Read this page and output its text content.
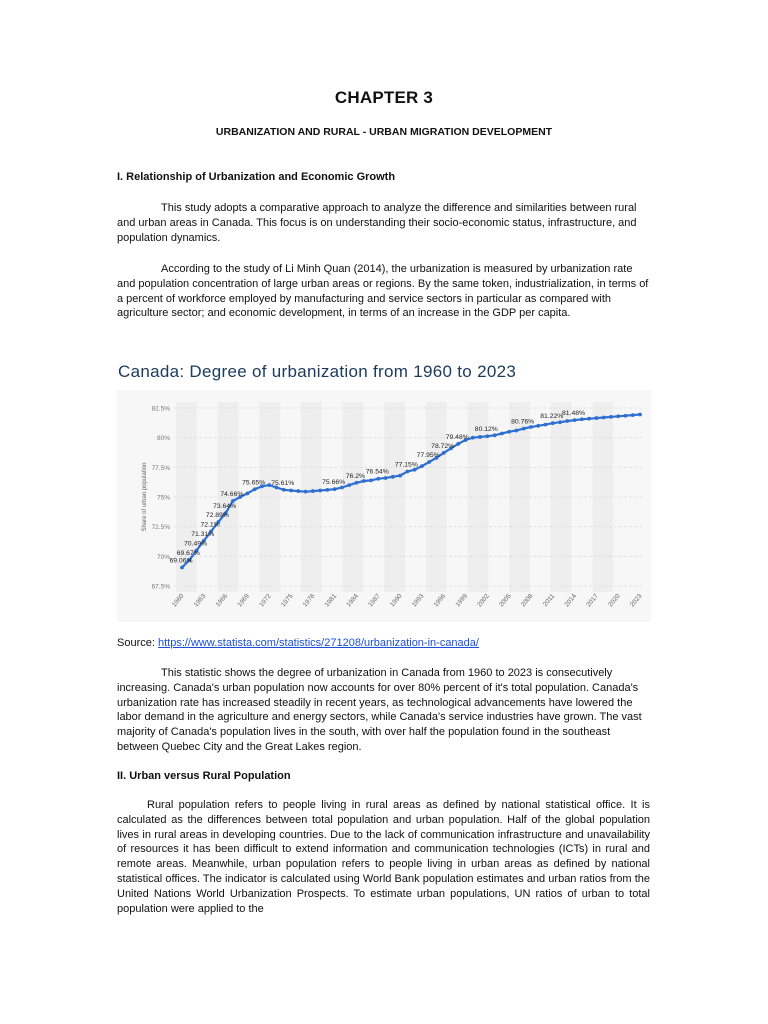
CHAPTER 3
URBANIZATION AND RURAL - URBAN MIGRATION DEVELOPMENT
I. Relationship of Urbanization and Economic Growth

This study adopts a comparative approach to analyze the difference and similarities between rural and urban areas in Canada. This focus is on understanding their socio-economic status, infrastructure, and population dynamics.

According to the study of Li Minh Quan (2014), the urbanization is measured by urbanization rate and population concentration of large urban areas or regions. By the same token, industrialization, in terms of a percent of workforce employed by manufacturing and service sectors in particular as compared with agriculture sector; and economic development, in terms of an increase in the GDP per capita.

Canada: Degree of urbanization from 1960 to 2023
67.5%
70%
72.5%
75%
77.5%
80%
82.5%
Share of urban population
1960 1963 1966 1969 1972 1975 1978 1981 1984 1987 1990 1993 1996 1999 2002 2005 2008 2011 2014 2017 2020 2023
69.06%
69.67%
70.49%
71.31%
72.1%
72.89%
73.64%
74.66%
75.65% 75.61%	75.66%
76.2%
76.54%
77.15%
77.95%
78.72%
79.48%
80.12%
80.76%
81.22%
81.48%
Source: https://www.statista.com/statistics/271208/urbanization-in-canada/

This statistic shows the degree of urbanization in Canada from 1960 to 2023 is consecutively increasing. Canada's urban population now accounts for over 80% percent of it's total population. Canada's urbanization rate has increased steadily in recent years, as technological advancements have lowered the labor demand in the agriculture and energy sectors, while Canada's service industries have grown. The vast majority of Canada's population lives in the south, with over half the population found in the southeast between Quebec City and the Great Lakes region.

II. Urban versus Rural Population

Rural population refers to people living in rural areas as defined by national statistical office. It is calculated as the differences between total population and urban population. Half of the global population lives in rural areas in developing countries. Due to the lack of communication infrastructure and unavailability of resources it has been difficult to extend information and communication technologies (ICTs) in rural and remote areas. Meanwhile, urban population refers to people living in urban areas as defined by national statistical offices. The indicator is calculated using World Bank population estimates and urban ratios from the United Nations World Urbanization Prospects. To estimate urban populations, UN ratios of urban to total population were applied to the
